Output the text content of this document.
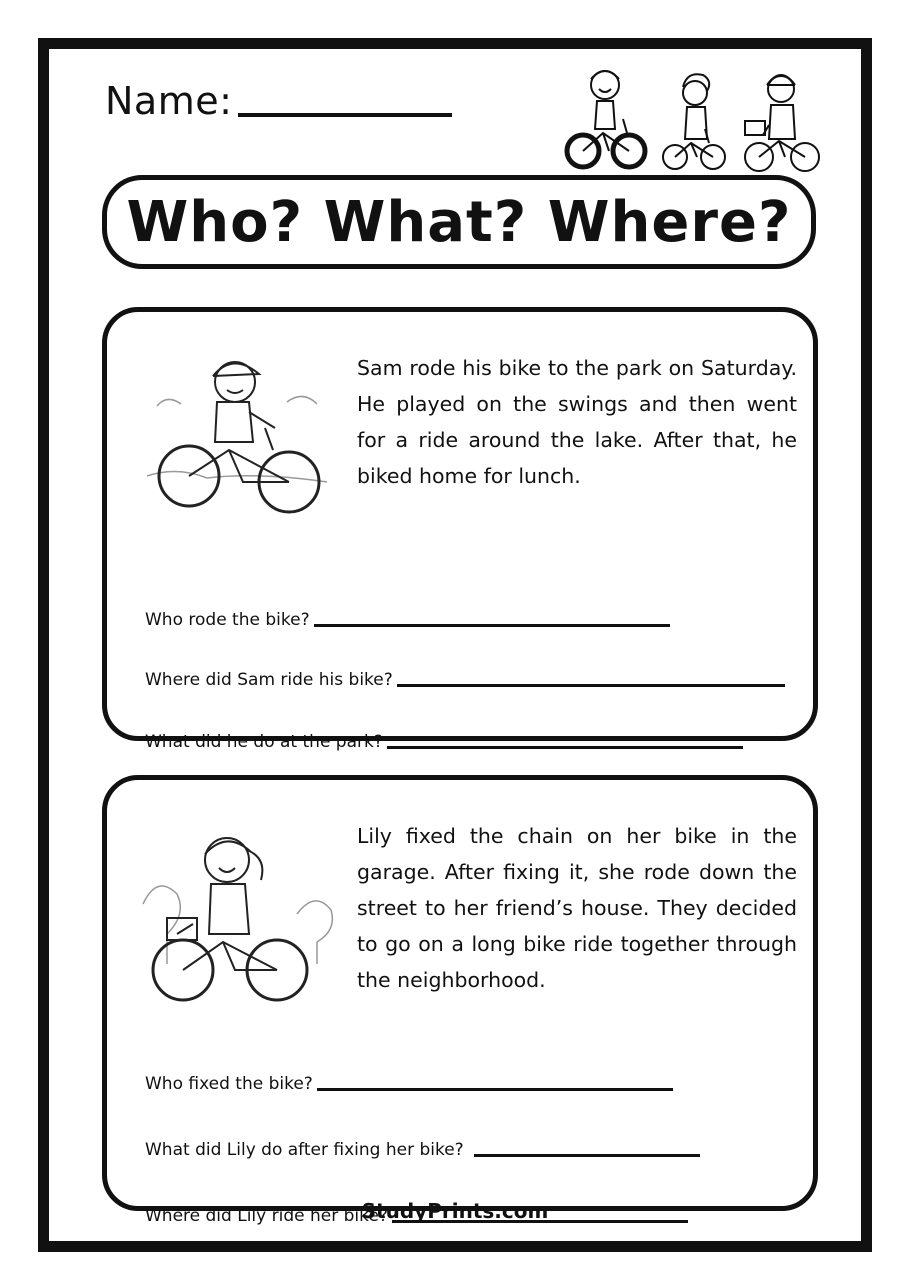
Name:
Who? What? Where?
Sam rode his bike to the park on Saturday. He played on the swings and then went for a ride around the lake. After that, he biked home for lunch.
Who rode the bike?
Where did Sam ride his bike?
What did he do at the park?
Lily fixed the chain on her bike in the garage. After fixing it, she rode down the street to her friend’s house. They decided to go on a long bike ride together through the neighborhood.
Who fixed the bike?
What did Lily do after fixing her bike?
Where did Lily ride her bike?
StudyPrints.com
